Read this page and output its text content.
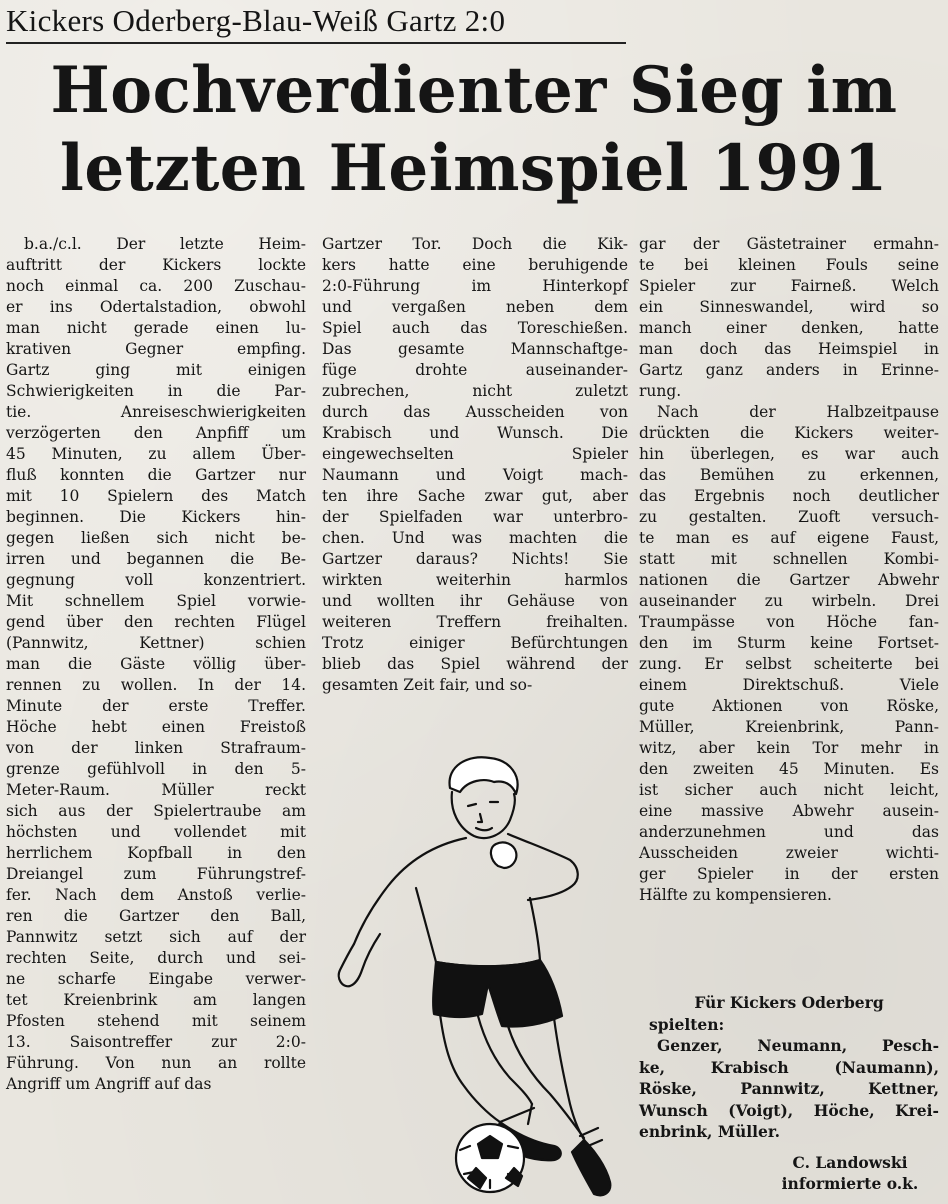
Kickers Oderberg-Blau-Weiß Gartz 2:0
Hochverdienter Sieg im
letzten Heimspiel 1991
b.a./c.l. Der letzte Heim-
auftritt der Kickers lockte
noch einmal ca. 200 Zuschau-
er ins Odertalstadion, obwohl
man nicht gerade einen lu-
krativen Gegner empfing.
Gartz ging mit einigen
Schwierigkeiten in die Par-
tie. Anreiseschwierigkeiten
verzögerten den Anpfiff um
45 Minuten, zu allem Über-
fluß konnten die Gartzer nur
mit 10 Spielern des Match
beginnen. Die Kickers hin-
gegen ließen sich nicht be-
irren und begannen die Be-
gegnung voll konzentriert.
Mit schnellem Spiel vorwie-
gend über den rechten Flügel
(Pannwitz, Kettner) schien
man die Gäste völlig über-
rennen zu wollen. In der 14.
Minute der erste Treffer.
Höche hebt einen Freistoß
von der linken Strafraum-
grenze gefühlvoll in den 5-
Meter-Raum. Müller reckt
sich aus der Spielertraube am
höchsten und vollendet mit
herrlichem Kopfball in den
Dreiangel zum Führungstref-
fer. Nach dem Anstoß verlie-
ren die Gartzer den Ball,
Pannwitz setzt sich auf der
rechten Seite, durch und sei-
ne scharfe Eingabe verwer-
tet Kreienbrink am langen
Pfosten stehend mit seinem
13. Saisontreffer zur 2:0-
Führung. Von nun an rollte
Angriff um Angriff auf das
Gartzer Tor. Doch die Kik-
kers hatte eine beruhigende
2:0-Führung im Hinterkopf
und vergaßen neben dem
Spiel auch das Toreschießen.
Das gesamte Mannschaftge-
füge drohte auseinander-
zubrechen, nicht zuletzt
durch das Ausscheiden von
Krabisch und Wunsch. Die
eingewechselten Spieler
Naumann und Voigt mach-
ten ihre Sache zwar gut, aber
der Spielfaden war unterbro-
chen. Und was machten die
Gartzer daraus? Nichts! Sie
wirkten weiterhin harmlos
und wollten ihr Gehäuse von
weiteren Treffern freihalten.
Trotz einiger Befürchtungen
blieb das Spiel während der
gesamten Zeit fair, und so-
gar der Gästetrainer ermahn-
te bei kleinen Fouls seine
Spieler zur Fairneß. Welch
ein Sinneswandel, wird so
manch einer denken, hatte
man doch das Heimspiel in
Gartz ganz anders in Erinne-
rung.
Nach der Halbzeitpause
drückten die Kickers weiter-
hin überlegen, es war auch
das Bemühen zu erkennen,
das Ergebnis noch deutlicher
zu gestalten. Zuoft versuch-
te man es auf eigene Faust,
statt mit schnellen Kombi-
nationen die Gartzer Abwehr
auseinander zu wirbeln. Drei
Traumpässe von Höche fan-
den im Sturm keine Fortset-
zung. Er selbst scheiterte bei
einem Direktschuß. Viele
gute Aktionen von Röske,
Müller, Kreienbrink, Pann-
witz, aber kein Tor mehr in
den zweiten 45 Minuten. Es
ist sicher auch nicht leicht,
eine massive Abwehr ausein-
anderzunehmen und das
Ausscheiden zweier wichti-
ger Spieler in der ersten
Hälfte zu kompensieren.
Für Kickers Oderberg
spielten:
Genzer, Neumann, Pesch-
ke, Krabisch (Naumann),
Röske, Pannwitz, Kettner,
Wunsch (Voigt), Höche, Krei-
enbrink, Müller.
C. Landowski
informierte o.k.
